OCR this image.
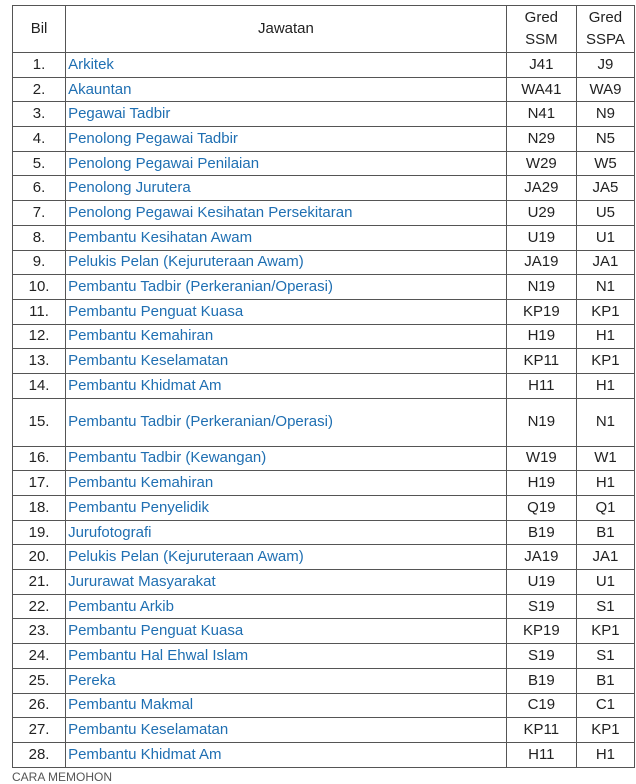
Bil	Jawatan	Gred SSM	Gred SSPA
1.	Arkitek	J41	J9
2.	Akauntan	WA41	WA9
3.	Pegawai Tadbir	N41	N9
4.	Penolong Pegawai Tadbir	N29	N5
5.	Penolong Pegawai Penilaian	W29	W5
6.	Penolong Jurutera	JA29	JA5
7.	Penolong Pegawai Kesihatan Persekitaran	U29	U5
8.	Pembantu Kesihatan Awam	U19	U1
9.	Pelukis Pelan (Kejuruteraan Awam)	JA19	JA1
10.	Pembantu Tadbir (Perkeranian/Operasi)	N19	N1
11.	Pembantu Penguat Kuasa	KP19	KP1
12.	Pembantu Kemahiran	H19	H1
13.	Pembantu Keselamatan	KP11	KP1
14.	Pembantu Khidmat Am	H11	H1
15.	Pembantu Tadbir (Perkeranian/Operasi)	N19	N1
16.	Pembantu Tadbir (Kewangan)	W19	W1
17.	Pembantu Kemahiran	H19	H1
18.	Pembantu Penyelidik	Q19	Q1
19.	Jurufotografi	B19	B1
20.	Pelukis Pelan (Kejuruteraan Awam)	JA19	JA1
21.	Jururawat Masyarakat	U19	U1
22.	Pembantu Arkib	S19	S1
23.	Pembantu Penguat Kuasa	KP19	KP1
24.	Pembantu Hal Ehwal Islam	S19	S1
25.	Pereka	B19	B1
26.	Pembantu Makmal	C19	C1
27.	Pembantu Keselamatan	KP11	KP1
28.	Pembantu Khidmat Am	H11	H1
CARA MEMOHON
